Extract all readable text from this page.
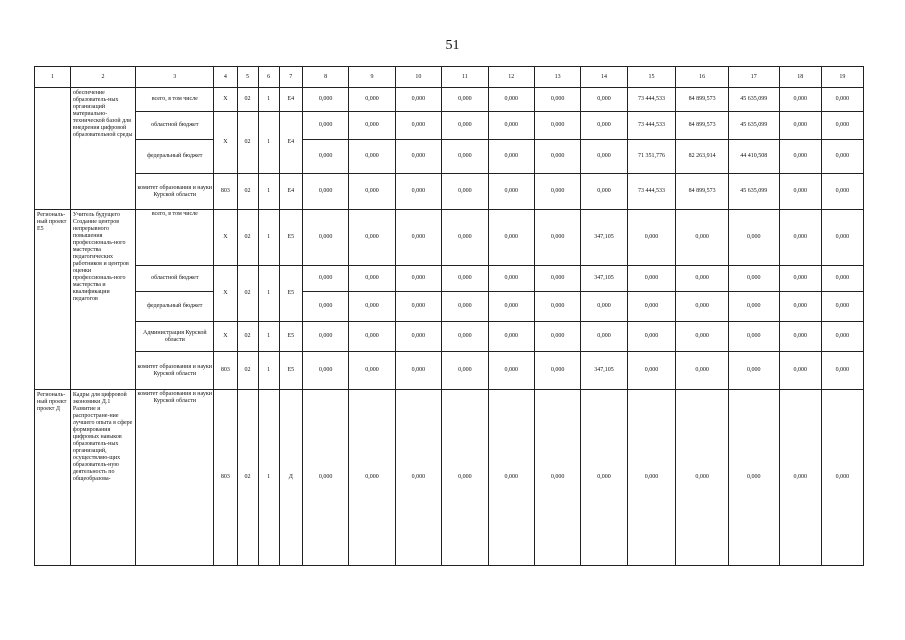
51
1	2	3	4	5	6	7	8	9	10	11	12	13	14	15	16	17	18	19
	обеспечение образователь-ных организаций материально-технической базой для внедрения цифровой образовательной среды	всего, в том числе	X	02	1	E4	0,000	0,000	0,000	0,000	0,000	0,000	0,000	73 444,533	84 899,573	45 635,099	0,000	0,000
		областной бюджет	X	02	1	E4	0,000	0,000	0,000	0,000	0,000	0,000	0,000	73 444,533	84 899,573	45 635,099	0,000	0,000
		федеральный бюджет					0,000	0,000	0,000	0,000	0,000	0,000	0,000	71 351,776	82 263,914	44 410,508	0,000	0,000
		комитет образования и науки Курской области	803	02	1	E4	0,000	0,000	0,000	0,000	0,000	0,000	0,000	73 444,533	84 899,573	45 635,099	0,000	0,000
Региональ-ный проект E5	Учитель будущего Создание центров непрерывного повышения профессиональ-ного мастерства педагогических работников и центров оценки профессиональ-ного мастерства и квалификации педагогов	всего, в том числе	X	02	1	E5	0,000	0,000	0,000	0,000	0,000	0,000	347,105	0,000	0,000	0,000	0,000	0,000
		областной бюджет	X	02	1	E5	0,000	0,000	0,000	0,000	0,000	0,000	347,105	0,000	0,000	0,000	0,000	0,000
		федеральный бюджет					0,000	0,000	0,000	0,000	0,000	0,000	0,000	0,000	0,000	0,000	0,000	0,000
		Администрация Курской области	X	02	1	E5	0,000	0,000	0,000	0,000	0,000	0,000	0,000	0,000	0,000	0,000	0,000	0,000
		комитет образования и науки Курской области	803	02	1	E5	0,000	0,000	0,000	0,000	0,000	0,000	347,105	0,000	0,000	0,000	0,000	0,000
Региональ-ный проект проект Д	Кадры для цифровой экономики Д.1 Развитие и распростране-ние лучшего опыта в сфере формирования цифровых навыков образователь-ных организаций, осуществляю-щих образователь-ную деятельность по общеобразова-	комитет образования и науки Курской области	803	02	1	Д	0,000	0,000	0,000	0,000	0,000	0,000	0,000	0,000	0,000	0,000	0,000	0,000
